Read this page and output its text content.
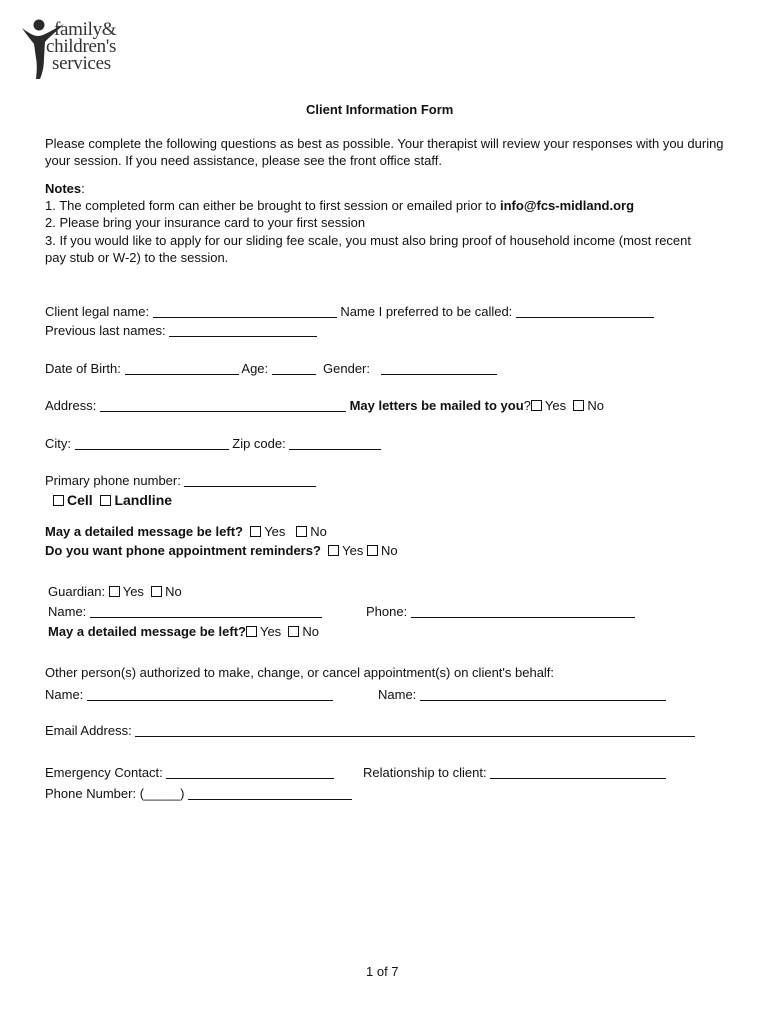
family&
children's
services
Client Information Form
Please complete the following questions as best as possible. Your therapist will review your responses with you during your session. If you need assistance, please see the front office staff.
Notes:
1. The completed form can either be brought to first session or emailed prior to info@fcs-midland.org
2. Please bring your insurance card to your first session
3. If you would like to apply for our sliding fee scale, you must also bring proof of household income (most recent pay stub or W-2) to the session.
Client legal name:	Name I preferred to be called:
Previous last names:
Date of Birth:	Age:	Gender:
Address:	May letters be mailed to you? Yes No
City:	Zip code:
Primary phone number:
Cell Landline
May a detailed message be left? Yes No
Do you want phone appointment reminders? Yes No
Guardian: Yes No
Name:	Phone:
May a detailed message be left? Yes No
Other person(s) authorized to make, change, or cancel appointment(s) on client's behalf:
Name:	Name:
Email Address:
Emergency Contact:	Relationship to client:
Phone Number: (_____)
1 of 7
